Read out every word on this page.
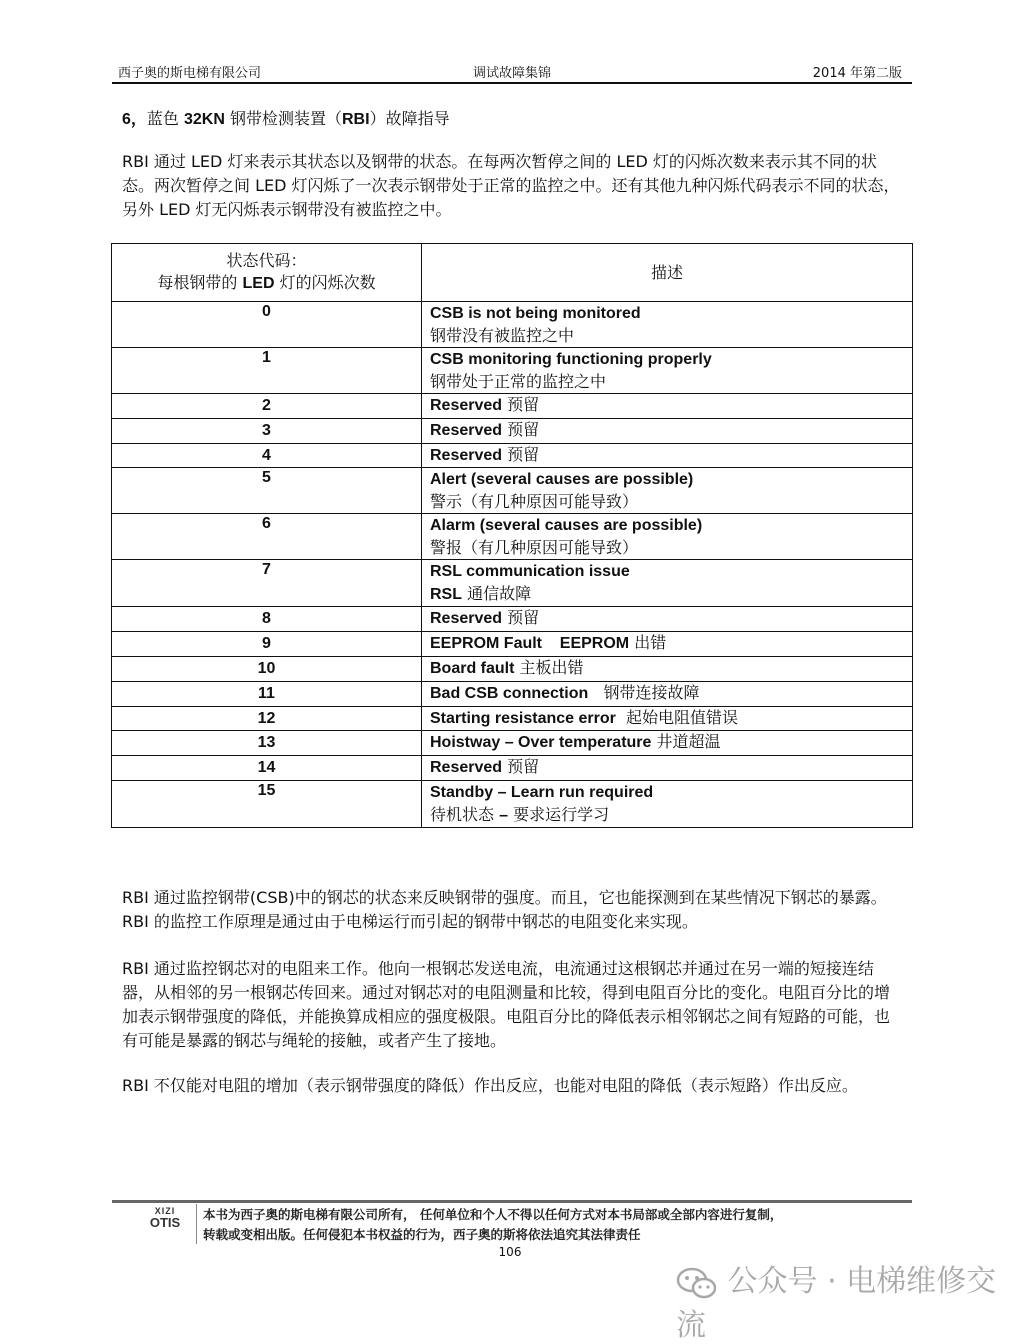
西子奥的斯电梯有限公司	调试故障集锦	2014 年第二版
6，蓝色 32KN 钢带检测装置（RBI）故障指导

RBI 通过 LED 灯来表示其状态以及钢带的状态。在每两次暂停之间的 LED 灯的闪烁次数来表示其不同的状态。两次暂停之间 LED 灯闪烁了一次表示钢带处于正常的监控之中。还有其他九种闪烁代码表示不同的状态，另外 LED 灯无闪烁表示钢带没有被监控之中。

状态代码：
每根钢带的 LED 灯的闪烁次数	描述
0	CSB is not being monitored
钢带没有被监控之中
1	CSB monitoring functioning properly
钢带处于正常的监控之中
2	Reserved 预留
3	Reserved 预留
4	Reserved 预留
5	Alert (several causes are possible)
警示（有几种原因可能导致）
6	Alarm (several causes are possible)
警报（有几种原因可能导致）
7	RSL communication issue
RSL 通信故障
8	Reserved 预留
9	EEPROM Fault    EEPROM 出错
10	Board fault 主板出错
11	Bad CSB connection   钢带连接故障
12	Starting resistance error  起始电阻值错误
13	Hoistway – Over temperature 井道超温
14	Reserved 预留
15	Standby – Learn run required
待机状态 – 要求运行学习

RBI 通过监控钢带(CSB)中的钢芯的状态来反映钢带的强度。而且，它也能探测到在某些情况下钢芯的暴露。RBI 的监控工作原理是通过由于电梯运行而引起的钢带中钢芯的电阻变化来实现。

RBI 通过监控钢芯对的电阻来工作。他向一根钢芯发送电流，电流通过这根钢芯并通过在另一端的短接连结器，从相邻的另一根钢芯传回来。通过对钢芯对的电阻测量和比较，得到电阻百分比的变化。电阻百分比的增加表示钢带强度的降低，并能换算成相应的强度极限。电阻百分比的降低表示相邻钢芯之间有短路的可能，也有可能是暴露的钢芯与绳轮的接触，或者产生了接地。

RBI 不仅能对电阻的增加（表示钢带强度的降低）作出反应，也能对电阻的降低（表示短路）作出反应。

XIZI
OTIS
本书为西子奥的斯电梯有限公司所有， 任何单位和个人不得以任何方式对本书局部或全部内容进行复制，
转载或变相出版。任何侵犯本书权益的行为，西子奥的斯将依法追究其法律责任
106
公众号 · 电梯维修交流
